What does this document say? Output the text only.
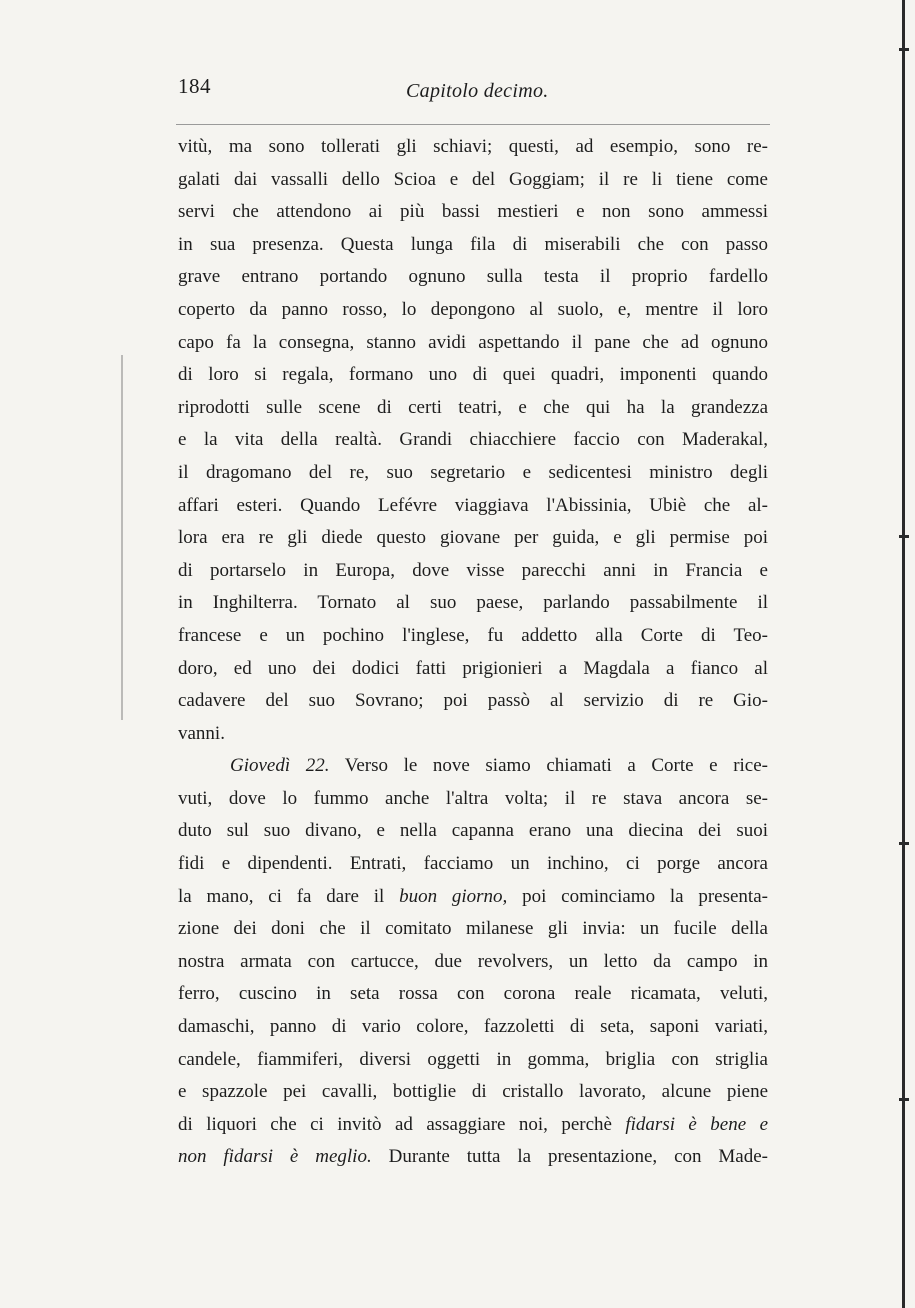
184	Capitolo decimo.
vitù, ma sono tollerati gli schiavi; questi, ad esempio, sono re-
galati dai vassalli dello Scioa e del Goggiam; il re li tiene come
servi che attendono ai più bassi mestieri e non sono ammessi
in sua presenza. Questa lunga fila di miserabili che con passo
grave entrano portando ognuno sulla testa il proprio fardello
coperto da panno rosso, lo depongono al suolo, e, mentre il loro
capo fa la consegna, stanno avidi aspettando il pane che ad ognuno
di loro si regala, formano uno di quei quadri, imponenti quando
riprodotti sulle scene di certi teatri, e che qui ha la grandezza
e la vita della realtà. Grandi chiacchiere faccio con Maderakal,
il dragomano del re, suo segretario e sedicentesi ministro degli
affari esteri. Quando Lefévre viaggiava l'Abissinia, Ubiè che al-
lora era re gli diede questo giovane per guida, e gli permise poi
di portarselo in Europa, dove visse parecchi anni in Francia e
in Inghilterra. Tornato al suo paese, parlando passabilmente il
francese e un pochino l'inglese, fu addetto alla Corte di Teo-
doro, ed uno dei dodici fatti prigionieri a Magdala a fianco al
cadavere del suo Sovrano; poi passò al servizio di re Gio-
vanni.
Giovedì 22. Verso le nove siamo chiamati a Corte e rice-
vuti, dove lo fummo anche l'altra volta; il re stava ancora se-
duto sul suo divano, e nella capanna erano una diecina dei suoi
fidi e dipendenti. Entrati, facciamo un inchino, ci porge ancora
la mano, ci fa dare il buon giorno, poi cominciamo la presenta-
zione dei doni che il comitato milanese gli invia: un fucile della
nostra armata con cartucce, due revolvers, un letto da campo in
ferro, cuscino in seta rossa con corona reale ricamata, veluti,
damaschi, panno di vario colore, fazzoletti di seta, saponi variati,
candele, fiammiferi, diversi oggetti in gomma, briglia con striglia
e spazzole pei cavalli, bottiglie di cristallo lavorato, alcune piene
di liquori che ci invitò ad assaggiare noi, perchè fidarsi è bene e
non fidarsi è meglio. Durante tutta la presentazione, con Made-
